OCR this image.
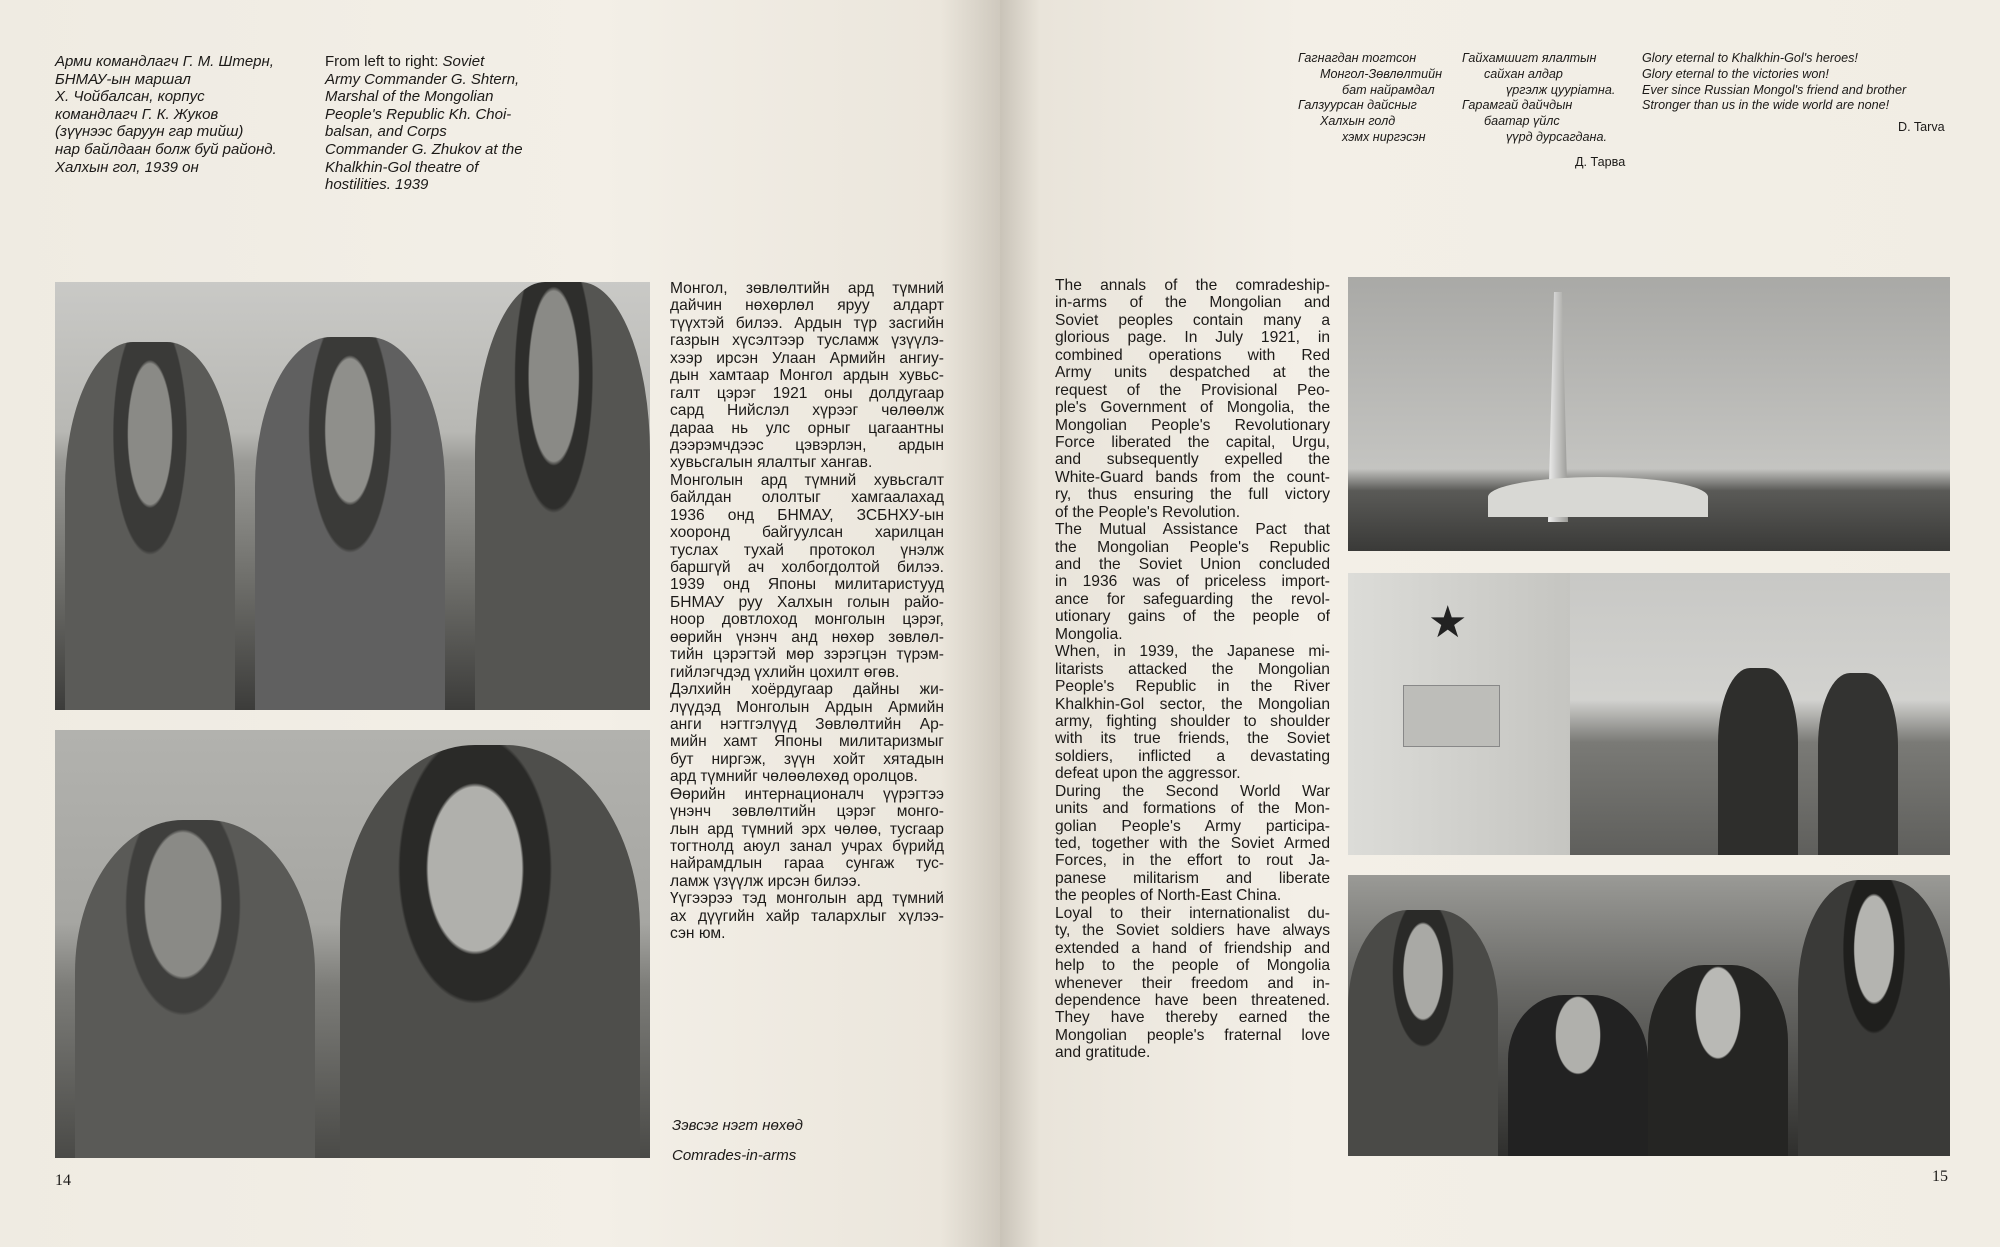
Арми командлагч Г. М. Штерн,
БНМАУ-ын маршал
Х. Чойбалсан, корпус
командлагч Г. К. Жуков
(зүүнээс баруун гар тийш)
нар байлдаан болж буй районд.
Халхын гол, 1939 он
From left to right: Soviet
Army Commander G. Shtern,
Marshal of the Mongolian
People's Republic Kh. Choi-
balsan, and Corps
Commander G. Zhukov at the
Khalkhin-Gol theatre of
hostilities. 1939
Монгол, зөвлөлтийн ард түмний
дайчин нөхөрлөл яруу алдарт
түүхтэй билээ. Ардын түр засгийн
газрын хүсэлтээр тусламж үзүүлэ-
хээр ирсэн Улаан Армийн ангиу-
дын хамтаар Монгол ардын хувьс-
галт цэрэг 1921 оны долдугаар
сард Нийслэл хүрээг чөлөөлж
дараа нь улс орныг цагаантны
дээрэмчдээс цэвэрлэн, ардын
хувьсгалын ялалтыг хангав.
Монголын ард түмний хувьсгалт
байлдан ололтыг хамгаалахад
1936 онд БНМАУ, ЗСБНХУ-ын
хооронд байгуулсан харилцан
туслах тухай протокол үнэлж
баршгүй ач холбогдолтой билээ.
1939 онд Японы милитаристууд
БНМАУ руу Халхын голын райо-
ноор довтлоход монголын цэрэг,
өөрийн үнэнч анд нөхөр зөвлөл-
тийн цэрэгтэй мөр зэрэгцэн түрэм-
гийлэгчдэд үхлийн цохилт өгөв.
Дэлхийн хоёрдугаар дайны жи-
лүүдэд Монголын Ардын Армийн
анги нэгтгэлүүд Зөвлөлтийн Ар-
мийн хамт Японы милитаризмыг
бут ниргэж, зүүн хойт хятадын
ард түмнийг чөлөөлөхөд оролцов.
Өөрийн интернационалч үүрэгтээ
үнэнч зөвлөлтийн цэрэг монго-
лын ард түмний эрх чөлөө, тусгаар
тогтнолд аюул занал учрах бүрийд
найрамдлын гараа сунгаж тус-
ламж үзүүлж ирсэн билээ.
Үүгээрээ тэд монголын ард түмний
ах дүүгийн хайр талархлыг хүлээ-
сэн юм.
Зэвсэг нэгт нөхөд
Comrades-in-arms
14
Гагнагдан тогтсон
Монгол-Зөвлөлтийн
бат найрамдал
Галзуурсан дайсныг
Халхын голд
хэмх ниргэсэн
Гайхамшигт ялалтын
сайхан алдар
үргэлж цуурiатна.
Гарамгай дайчдын
баатар үйлс
үүрд дурсагдана.
Д. Тарва
Glory eternal to Khalkhin-Gol's heroes!
Glory eternal to the victories won!
Ever since Russian Mongol's friend and brother
Stronger than us in the wide world are none!
D. Tarva
The annals of the comradeship-
in-arms of the Mongolian and
Soviet peoples contain many a
glorious page. In July 1921, in
combined operations with Red
Army units despatched at the
request of the Provisional Peo-
ple's Government of Mongolia, the
Mongolian People's Revolutionary
Force liberated the capital, Urgu,
and subsequently expelled the
White-Guard bands from the count-
ry, thus ensuring the full victory
of the People's Revolution.
The Mutual Assistance Pact that
the Mongolian People's Republic
and the Soviet Union concluded
in 1936 was of priceless import-
ance for safeguarding the revol-
utionary gains of the people of
Mongolia.
When, in 1939, the Japanese mi-
litarists attacked the Mongolian
People's Republic in the River
Khalkhin-Gol sector, the Mongolian
army, fighting shoulder to shoulder
with its true friends, the Soviet
soldiers, inflicted a devastating
defeat upon the aggressor.
During the Second World War
units and formations of the Mon-
golian People's Army participa-
ted, together with the Soviet Armed
Forces, in the effort to rout Ja-
panese militarism and liberate
the peoples of North-East China.
Loyal to their internationalist du-
ty, the Soviet soldiers have always
extended a hand of friendship and
help to the people of Mongolia
whenever their freedom and in-
dependence have been threatened.
They have thereby earned the
Mongolian people's fraternal love
and gratitude.
★
15
